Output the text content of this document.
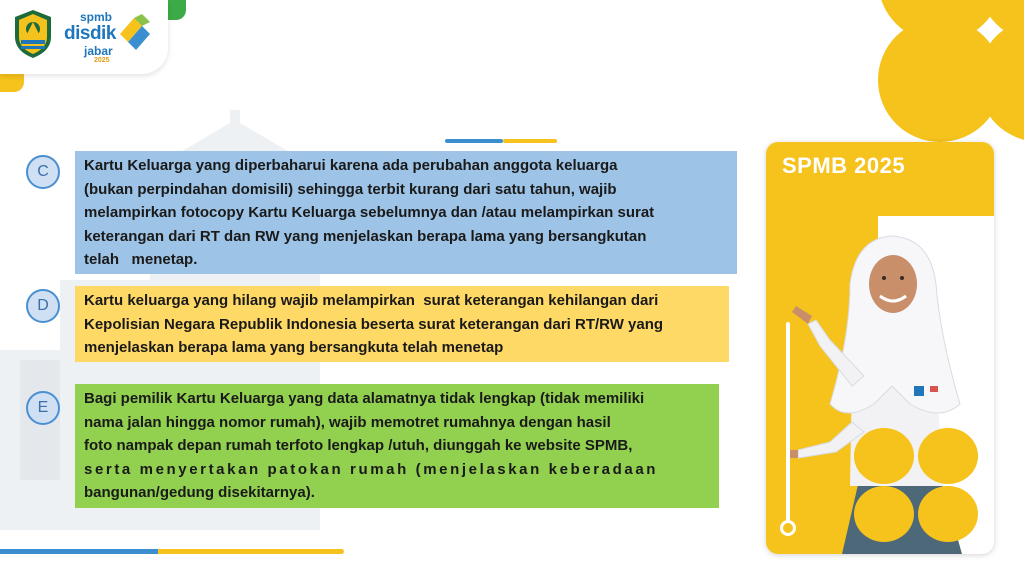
spmb
disdik
jabar
2025
C	Kartu Keluarga yang diperbaharui karena ada perubahan anggota keluarga
(bukan perpindahan domisili) sehingga terbit kurang dari satu tahun, wajib
melampirkan fotocopy Kartu Keluarga sebelumnya dan /atau melampirkan surat
keterangan dari RT dan RW yang menjelaskan berapa lama yang bersangkutan
telah   menetap.
D	Kartu keluarga yang hilang wajib melampirkan  surat keterangan kehilangan dari
Kepolisian Negara Republik Indonesia beserta surat keterangan dari RT/RW yang
menjelaskan berapa lama yang bersangkuta telah menetap
E
Bagi pemilik Kartu Keluarga yang data alamatnya tidak lengkap (tidak memiliki
nama jalan hingga nomor rumah), wajib memotret rumahnya dengan hasil
foto nampak depan rumah terfoto lengkap /utuh, diunggah ke website SPMB,
serta menyertakan patokan rumah (menjelaskan keberadaan
bangunan/gedung disekitarnya).
SPMB 2025
